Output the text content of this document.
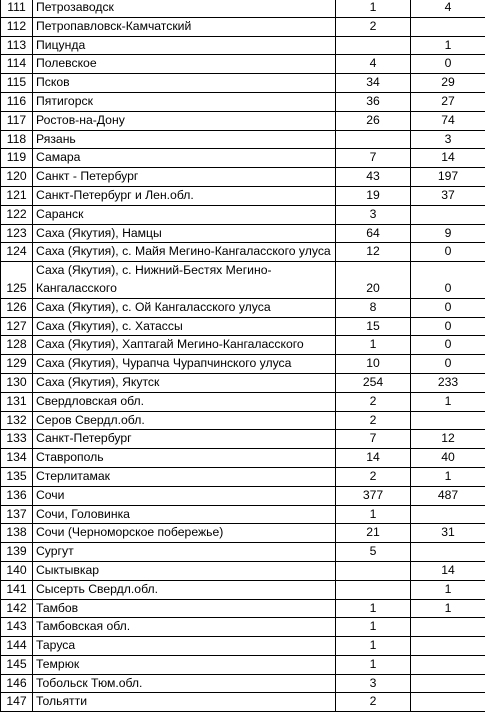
111	Петрозаводск	1	4
112	Петропавловск-Камчатский	2	
113	Пицунда		1
114	Полевское	4	0
115	Псков	34	29
116	Пятигорск	36	27
117	Ростов-на-Дону	26	74
118	Рязань		3
119	Самара	7	14
120	Санкт - Петербург	43	197
121	Санкт-Петербург и Лен.обл.	19	37
122	Саранск	3	
123	Саха (Якутия), Намцы	64	9
124	Саха (Якутия), с. Майя Мегино-Кангаласского улуса	12	0
125	Саха (Якутия), с. Нижний-Бестях Мегино-Кангаласского	20	0
126	Саха (Якутия), с. Ой Кангаласского улуса	8	0
127	Саха (Якутия), с. Хатассы	15	0
128	Саха (Якутия), Хаптагай Мегино-Кангаласского	1	0
129	Саха (Якутия), Чурапча Чурапчинского улуса	10	0
130	Саха (Якутия), Якутск	254	233
131	Свердловская обл.	2	1
132	Серов Свердл.обл.	2	
133	Санкт-Петербург	7	12
134	Ставрополь	14	40
135	Стерлитамак	2	1
136	Сочи	377	487
137	Сочи, Головинка	1	
138	Сочи (Черноморское побережье)	21	31
139	Сургут	5	
140	Сыктывкар		14
141	Сысерть Свердл.обл.		1
142	Тамбов	1	1
143	Тамбовская обл.	1	
144	Таруса	1	
145	Темрюк	1	
146	Тобольск Тюм.обл.	3	
147	Тольятти	2	
